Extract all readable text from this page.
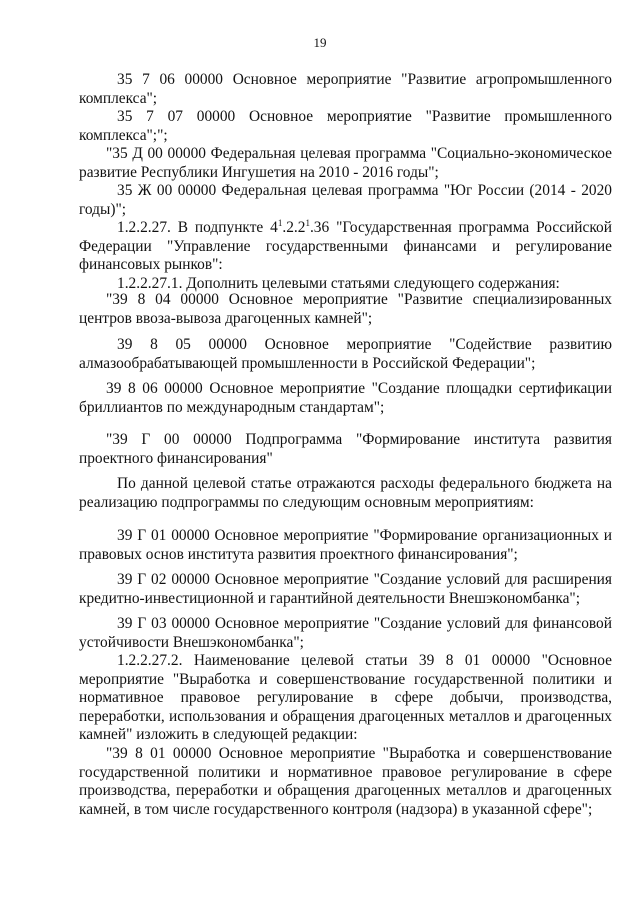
19

35 7 06 00000 Основное мероприятие "Развитие агропромышленного комплекса";

35 7 07 00000 Основное мероприятие "Развитие промышленного комплекса";";

"35 Д 00 00000 Федеральная целевая программа "Социально-экономическое развитие Республики Ингушетия на 2010 - 2016 годы";

35 Ж 00 00000 Федеральная целевая программа "Юг России (2014 - 2020 годы)";

1.2.2.27. В подпункте $4^1.2.2^1.36$ "Государственная программа Российской Федерации "Управление государственными финансами и регулирование финансовых рынков":

1.2.2.27.1. Дополнить целевыми статьями следующего содержания:

"39 8 04 00000 Основное мероприятие "Развитие специализированных центров ввоза-вывоза драгоценных камней";

39 8 05 00000 Основное мероприятие "Содействие развитию алмазообрабатывающей промышленности в Российской Федерации";

39 8 06 00000 Основное мероприятие "Создание площадки сертификации бриллиантов по международным стандартам";

"39 Г 00 00000 Подпрограмма "Формирование института развития проектного финансирования"

По данной целевой статье отражаются расходы федерального бюджета на реализацию подпрограммы по следующим основным мероприятиям:

39 Г 01 00000 Основное мероприятие "Формирование организационных и правовых основ института развития проектного финансирования";

39 Г 02 00000 Основное мероприятие "Создание условий для расширения кредитно-инвестиционной и гарантийной деятельности Внешэкономбанка";

39 Г 03 00000 Основное мероприятие "Создание условий для финансовой устойчивости Внешэкономбанка";

1.2.2.27.2. Наименование целевой статьи 39 8 01 00000 "Основное мероприятие "Выработка и совершенствование государственной политики и нормативное правовое регулирование в сфере добычи, производства, переработки, использования и обращения драгоценных металлов и драгоценных камней" изложить в следующей редакции:

"39 8 01 00000 Основное мероприятие "Выработка и совершенствование государственной политики и нормативное правовое регулирование в сфере производства, переработки и обращения драгоценных металлов и драгоценных камней, в том числе государственного контроля (надзора) в указанной сфере";
